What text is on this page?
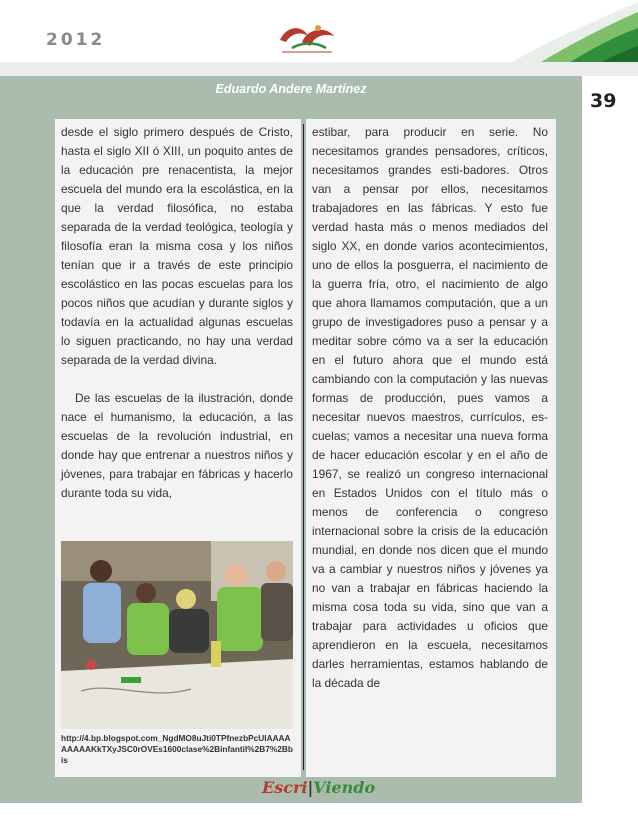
2012
Eduardo Andere Martínez
39

desde el siglo primero después de Cristo, hasta el siglo XII ó XIII, un poquito antes de la educación pre renacentista, la mejor escuela del mundo era la escolástica, en la que la verdad filosófica, no estaba separada de la verdad teológica, teología y filosofía eran la misma cosa y los niños tenían que ir a través de este principio escolástico en las pocas escuelas para los pocos niños que acudían y durante siglos y todavía en la actualidad algunas escuelas lo siguen practicando, no hay una verdad separada de la verdad divina.

De las escuelas de la ilustración, donde nace el humanismo, la educación, a las escuelas de la revolución industrial, en donde hay que entrenar a nuestros niños y jóvenes, para trabajar en fábricas y hacerlo durante toda su vida,

estibar, para producir en serie. No necesitamos grandes pensadores, críticos, necesitamos grandes esti-badores. Otros van a pensar por ellos, necesitamos trabajadores en las fábricas. Y esto fue verdad hasta más o menos mediados del siglo XX, en donde varios acontecimientos, uno de ellos la posguerra, el nacimiento de la guerra fría, otro, el nacimiento de algo que ahora llamamos computación, que a un grupo de investigadores puso a pensar y a meditar sobre cómo va a ser la educación en el futuro ahora que el mundo está cambiando con la computación y las nuevas formas de producción, pues vamos a necesitar nuevos maestros, currículos, es-cuelas; vamos a necesitar una nueva forma de hacer educación escolar y en el año de 1967, se realizó un congreso internacional en Estados Unidos con el título más o menos de conferencia o congreso internacional sobre la crisis de la educación mundial, en donde nos dicen que el mundo va a cambiar y nuestros niños y jóvenes ya no van a trabajar en fábricas haciendo la misma cosa toda su vida, sino que van a trabajar para actividades u oficios que aprendieron en la escuela, necesitamos darles herramientas, estamos hablando de la década de

http://4.bp.blogspot.com_NgdMO8uJti0TPfnezbPcUIAAAAAAAAAKkTXyJSC0rOVEs1600clase%2Binfantil%2B7%2Bbis
Escri|Viendo
